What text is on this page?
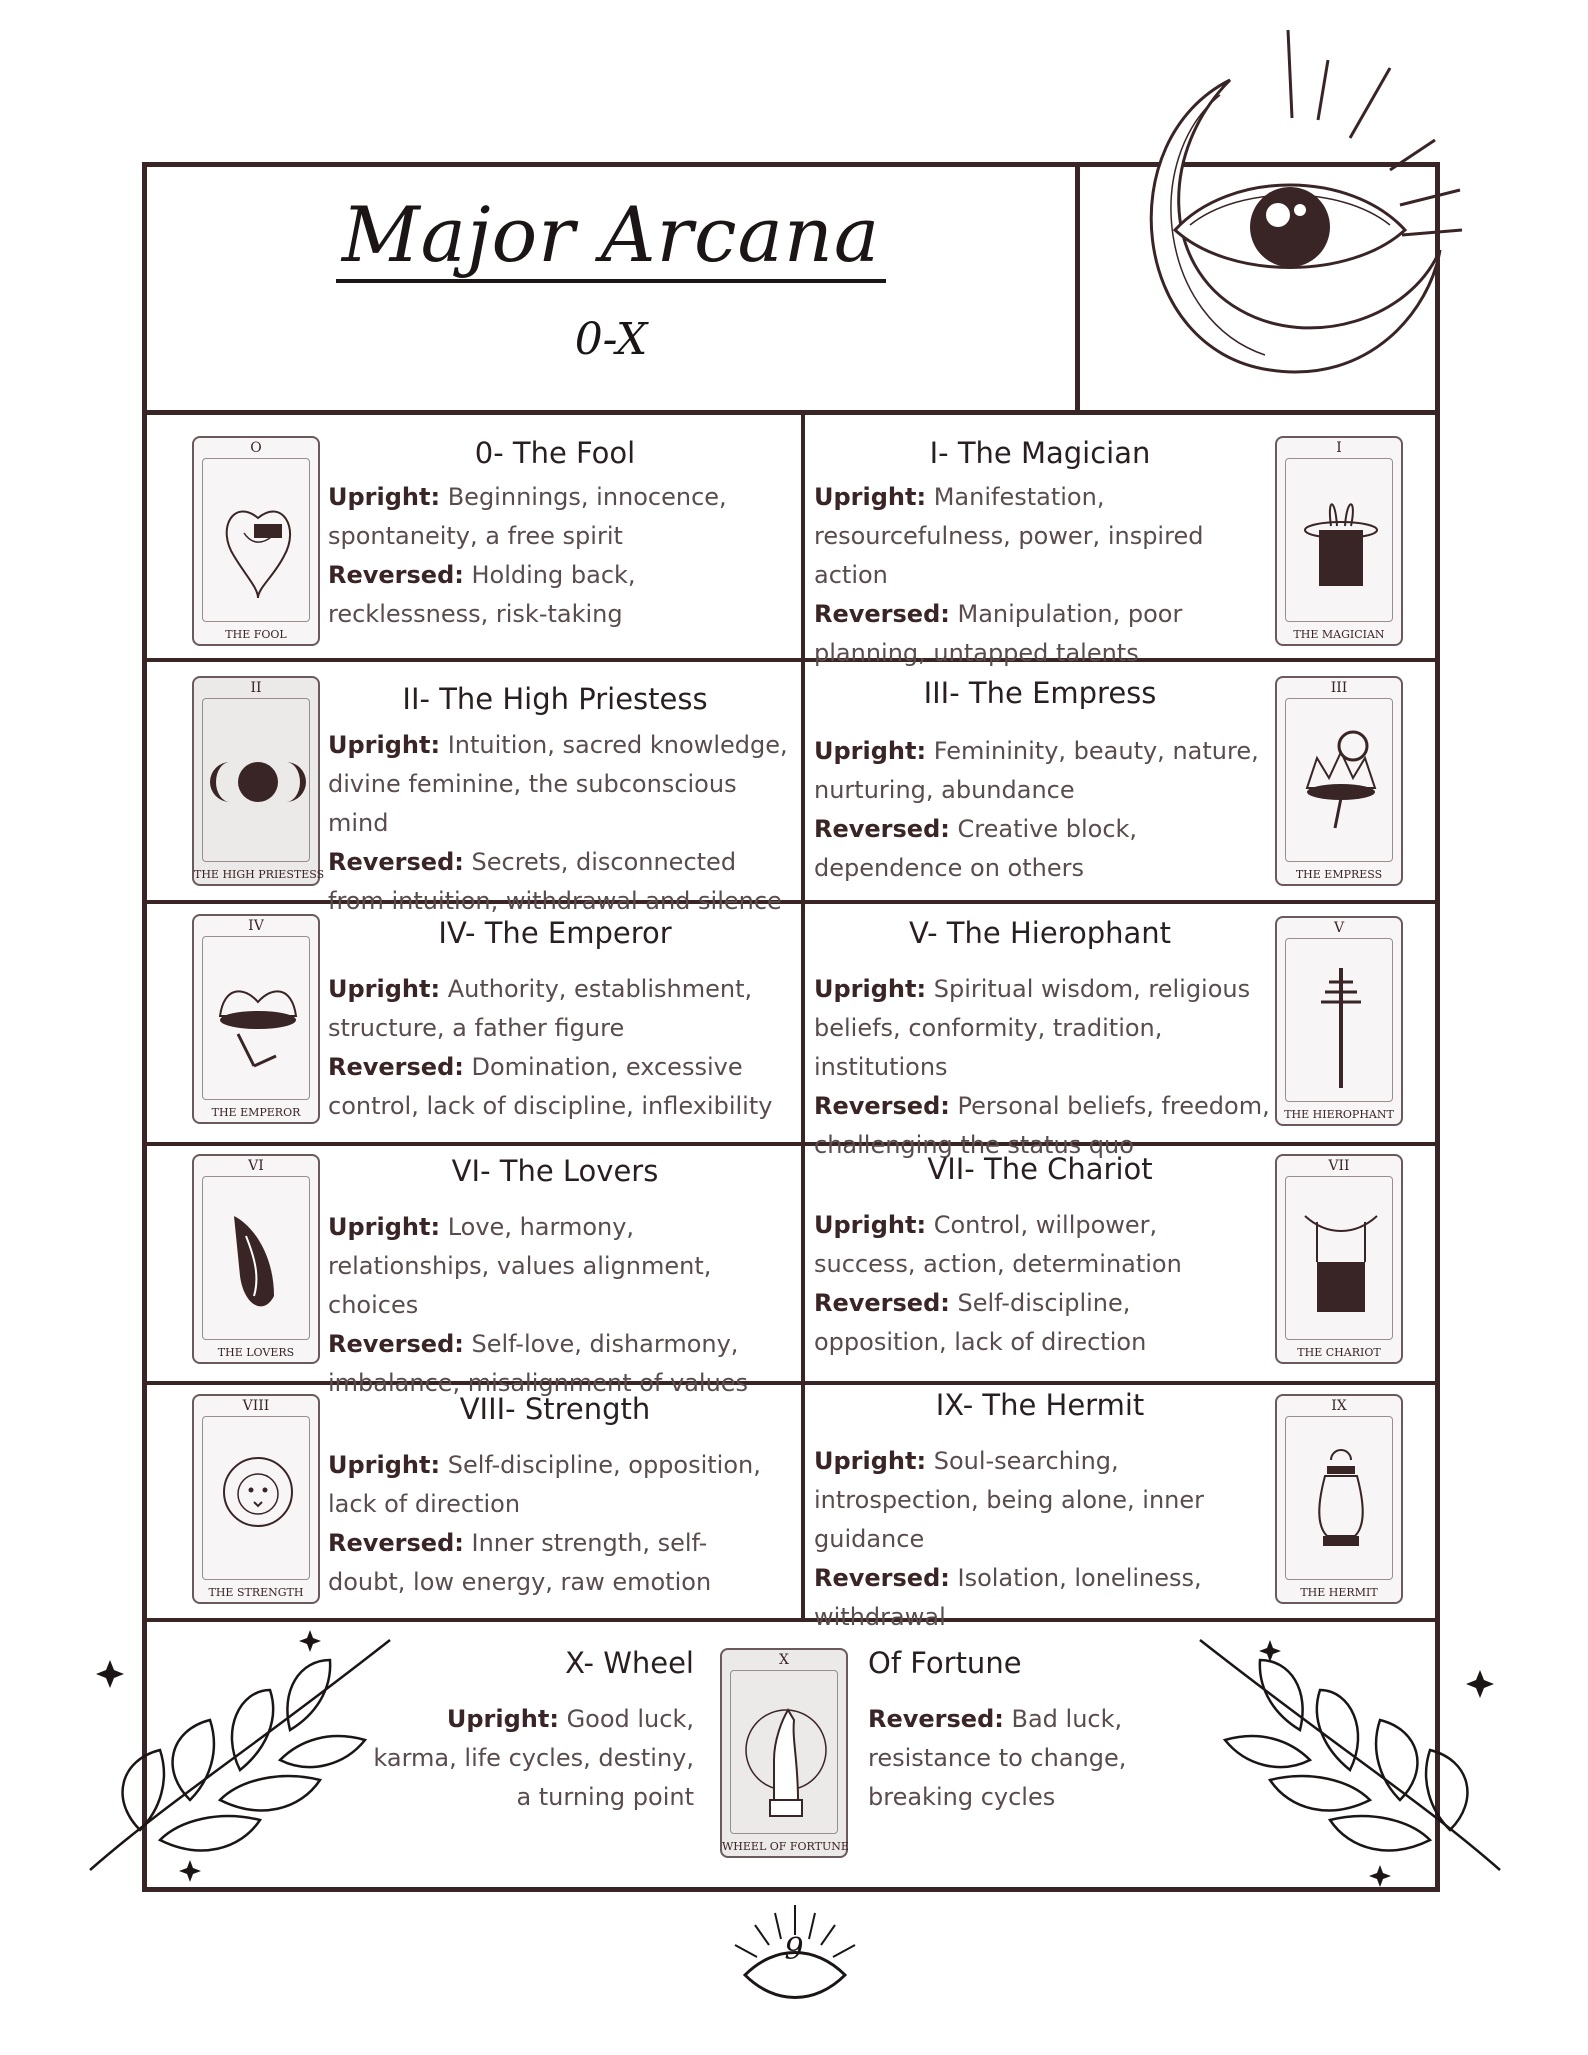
Major Arcana
0-X
O
THE FOOL
0- The Fool
Upright: Beginnings, innocence, spontaneity, a free spirit
Reversed: Holding back, recklessness, risk-taking
I- The Magician
Upright: Manifestation, resourcefulness, power, inspired action
Reversed: Manipulation, poor planning, untapped talents
I
THE MAGICIAN
II
THE HIGH PRIESTESS
II- The High Priestess
Upright: Intuition, sacred knowledge, divine feminine, the subconscious mind
Reversed: Secrets, disconnected from intuition, withdrawal and silence
III- The Empress
Upright: Femininity, beauty, nature, nurturing, abundance
Reversed: Creative block, dependence on others
III
THE EMPRESS
IV
THE EMPEROR
IV- The Emperor
Upright: Authority, establishment, structure, a father figure
Reversed: Domination, excessive control, lack of discipline, inflexibility
V- The Hierophant
Upright: Spiritual wisdom, religious beliefs, conformity, tradition, institutions
Reversed: Personal beliefs, freedom, challenging the status quo
V
THE HIEROPHANT
VI
THE LOVERS
VI- The Lovers
Upright: Love, harmony, relationships, values alignment, choices
Reversed: Self-love, disharmony, imbalance, misalignment of values
VII- The Chariot
Upright: Control, willpower, success, action, determination
Reversed: Self-discipline, opposition, lack of direction
VII
THE CHARIOT
VIII
THE STRENGTH
VIII- Strength
Upright: Self-discipline, opposition, lack of direction
Reversed: Inner strength, self-doubt, low energy, raw emotion
IX- The Hermit
Upright: Soul-searching, introspection, being alone, inner guidance
Reversed: Isolation, loneliness, withdrawal
IX
THE HERMIT
X- Wheel
Upright: Good luck,
karma, life cycles, destiny,
a turning point
X
WHEEL OF FORTUNE
Of Fortune
Reversed: Bad luck,
resistance to change,
breaking cycles
9
